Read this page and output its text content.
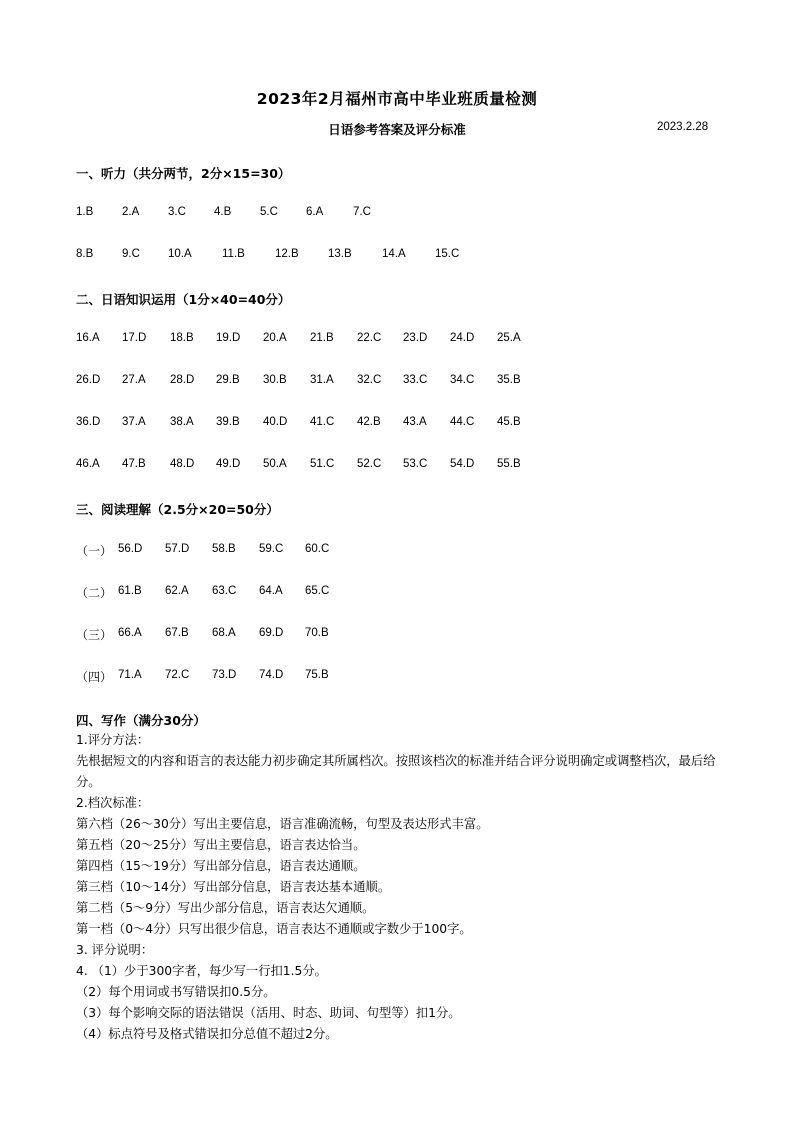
2023年2月福州市高中毕业班质量检测
日语参考答案及评分标准	2023.2.28
一、听力（共分两节，2分×15=30）
1.B 2.A 3.C 4.B 5.C 6.A	7.C
8.B 9.C 10.A	11.B	12.B	13.B	14.A	15.C
二、日语知识运用（1分×40=40分）
16.A 17.D 18.B 19.D 20.A 21.B 22.C 23.D 24.D 25.A
26.D 27.A 28.D 29.B 30.B 31.A 32.C 33.C 34.C 35.B
36.D 37.A 38.A 39.B 40.D 41.C 42.B 43.A 44.C 45.B
46.A 47.B 48.D 49.D 50.A 51.C 52.C 53.C 54.D 55.B
三、阅读理解（2.5分×20=50分）
（一） 56.D 57.D 58.B 59.C 60.C
（二） 61.B 62.A 63.C 64.A 65.C
（三） 66.A 67.B 68.A 69.D 70.B
（四） 71.A 72.C 73.D 74.D 75.B
四、写作（满分30分）
1.评分方法：
先根据短文的内容和语言的表达能力初步确定其所属档次。按照该档次的标准并结合评分说明确定或调整档次，最后给分。
2.档次标准：
第六档（26～30分）写出主要信息，语言准确流畅，句型及表达形式丰富。
第五档（20～25分）写出主要信息，语言表达恰当。
第四档（15～19分）写出部分信息，语言表达通顺。
第三档（10～14分）写出部分信息，语言表达基本通顺。
第二档（5～9分）写出少部分信息，语言表达欠通顺。
第一档（0～4分）只写出很少信息，语言表达不通顺或字数少于100字。
3. 评分说明：
4. （1）少于300字者，每少写一行扣1.5分。
（2）每个用词或书写错误扣0.5分。
（3）每个影响交际的语法错误（活用、时态、助词、句型等）扣1分。
（4）标点符号及格式错误扣分总值不超过2分。
